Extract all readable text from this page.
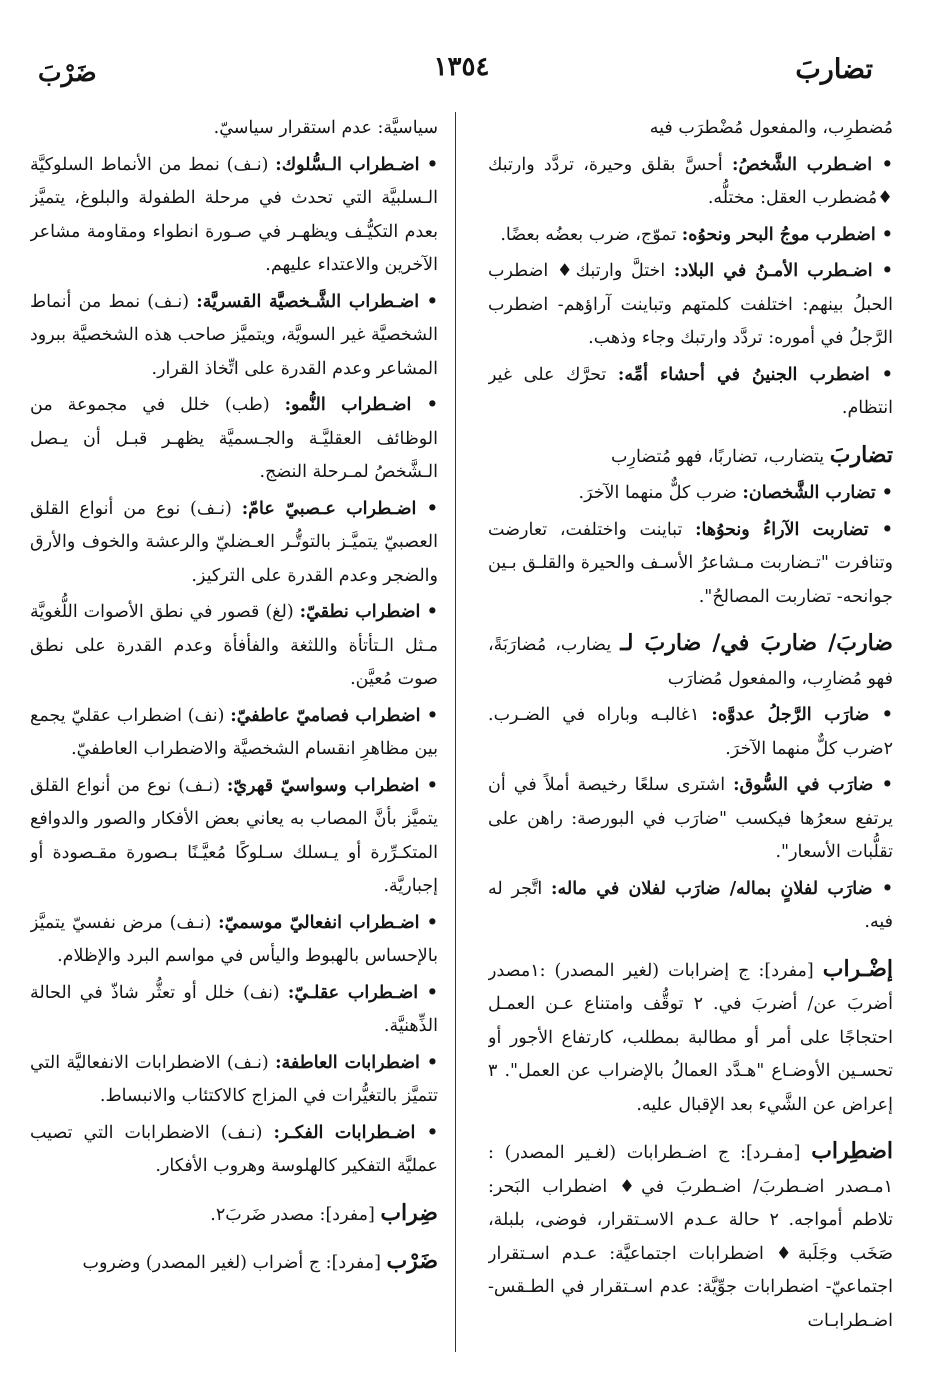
تضاربَ
١٣٥٤
ضَرْبَ
مُضطرِب، والمفعول مُضْطرَب فيه
• اضـطرب الشَّخصُ: أحسَّ بقلق وحيرة، تردَّد وارتبك ♦مُضطرب العقل: مختلُّه.
• اضطرب موجُ البحر ونحوُه: تموّج، ضرب بعضُه بعضًا.
• اضـطرب الأمـنُ في البلاد: اختلَّ وارتبك♦ اضطرب الحبلُ بينهم: اختلفت كلمتهم وتباينت آراؤهم- اضطرب الرَّجلُ في أموره: تردَّد وارتبك وجاء وذهب.
• اضطرب الجنينُ في أحشاء أمِّه: تحرَّك على غير انتظام.
تضاربَ يتضارب، تضاربًا، فهو مُتضارِب
• تضارب الشَّخصان: ضرب كلٌّ منهما الآخرَ.
• تضاربت الآراءُ ونحوُها: تباينت واختلفت، تعارضت وتنافرت "تـضاربت مـشاعرُ الأسـف والحيرة والقلـق بـين جوانحه- تضاربت المصالحُ".
ضاربَ/ ضاربَ في/ ضاربَ لـ يضارب، مُضارَبَةً، فهو مُضارِب، والمفعول مُضارَب
• ضارَب الرَّجلُ عدوَّه: ١غالبـه وباراه في الضـرب. ٢ضرب كلٌّ منهما الآخرَ.
• ضارَب في السُّوق: اشترى سلعًا رخيصة أملاً في أن يرتفع سعرُها فيكسب "ضارَب في البورصة: راهن على تقلُّبات الأسعار".
• ضارَب لفلانٍ بماله/ ضارَب لفلان في ماله: اتَّجر له فيه.
إضْـراب [مفرد]: ج إضرابات (لغير المصدر) :١مصدر أضربَ عن/ أضربَ في. ٢ توقُّف وامتناع عـن العمـل احتجاجًا على أمر أو مطالبة بمطلب، كارتفاع الأجور أو تحسـين الأوضـاع "هـدَّد العمالُ بالإضراب عن العمل". ٣ إعراض عن الشَّيء بعد الإقبال عليه.
اضطِراب [مفـرد]: ج اضـطرابات (لغـير المصدر) : ١مـصدر اضـطربَ/ اضـطربَ في♦ اضطراب البَحر: تلاطم أمواجه. ٢ حالة عـدم الاسـتقرار، فوضى، بلبلة، صَخَب وجَلَبة♦ اضطرابات اجتماعيَّة: عـدم اسـتقرار اجتماعيّ- اضطرابات جوِّيَّة: عدم اسـتقرار في الطـقس- اضـطرابـات
سياسيَّة: عدم استقرار سياسيّ.
• اضـطراب الـسُّلوك: (نـف) نمط من الأنماط السلوكيَّة الـسلبيَّة التي تحدث في مرحلة الطفولة والبلوغ، يتميَّز بعدم التكيُّـف ويظهـر في صـورة انطواء ومقاومة مشاعر الآخرين والاعتداء عليهم.
• اضـطراب الشَّـخصيَّة القسريَّة: (نـف) نمط من أنماط الشخصيَّة غير السويَّة، ويتميَّز صاحب هذه الشخصيَّة ببرود المشاعر وعدم القدرة على اتِّخاذ القرار.
• اضـطراب النُّمو: (طب) خلل في مجموعة من الوظائف العقليَّـة والجـسميَّة يظهـر قبـل أن يـصل الـشَّخصُ لمـرحلة النضج.
• اضـطراب عـصبيّ عامّ: (نـف) نوع من أنواع القلق العصبيّ يتميَّـز بالتوتُّـر العـضليّ والرعشة والخوف والأرق والضجر وعدم القدرة على التركيز.
• اضطراب نطقيّ: (لغ) قصور في نطق الأصوات اللُّغويَّة مـثل الـتأتأة واللثغة والفأفأة وعدم القدرة على نطق صوت مُعيَّن.
• اضطراب فصاميّ عاطفيّ: (نف) اضطراب عقليّ يجمع بين مظاهرِ انقسام الشخصيَّة والاضطراب العاطفيّ.
• اضطراب وسواسيّ قهريّ: (نـف) نوع من أنواع القلق يتميَّز بأنَّ المصاب به يعاني بعض الأفكار والصور والدوافع المتكـرِّرة أو يـسلك سـلوكًا مُعيَّـنًا بـصورة مقـصودة أو إجباريَّة.
• اضـطراب انفعاليّ موسميّ: (نـف) مرض نفسيّ يتميَّز بالإحساس بالهبوط واليأس في مواسم البرد والإظلام.
• اضـطراب عقلـيّ: (نف) خلل أو تعثُّر شاذّ في الحالة الذِّهنيَّة.
• اضطرابات العاطفة: (نـف) الاضطرابات الانفعاليَّة التي تتميَّز بالتغيُّرات في المزاج كالاكتئاب والانبساط.
• اضـطرابات الفكـر: (نـف) الاضطرابات التي تصيب عمليَّة التفكير كالهلوسة وهروب الأفكار.
ضِراب [مفرد]: مصدر ضَربَ٢.
ضَرْب [مفرد]: ج أضراب (لغير المصدر) وضروب
